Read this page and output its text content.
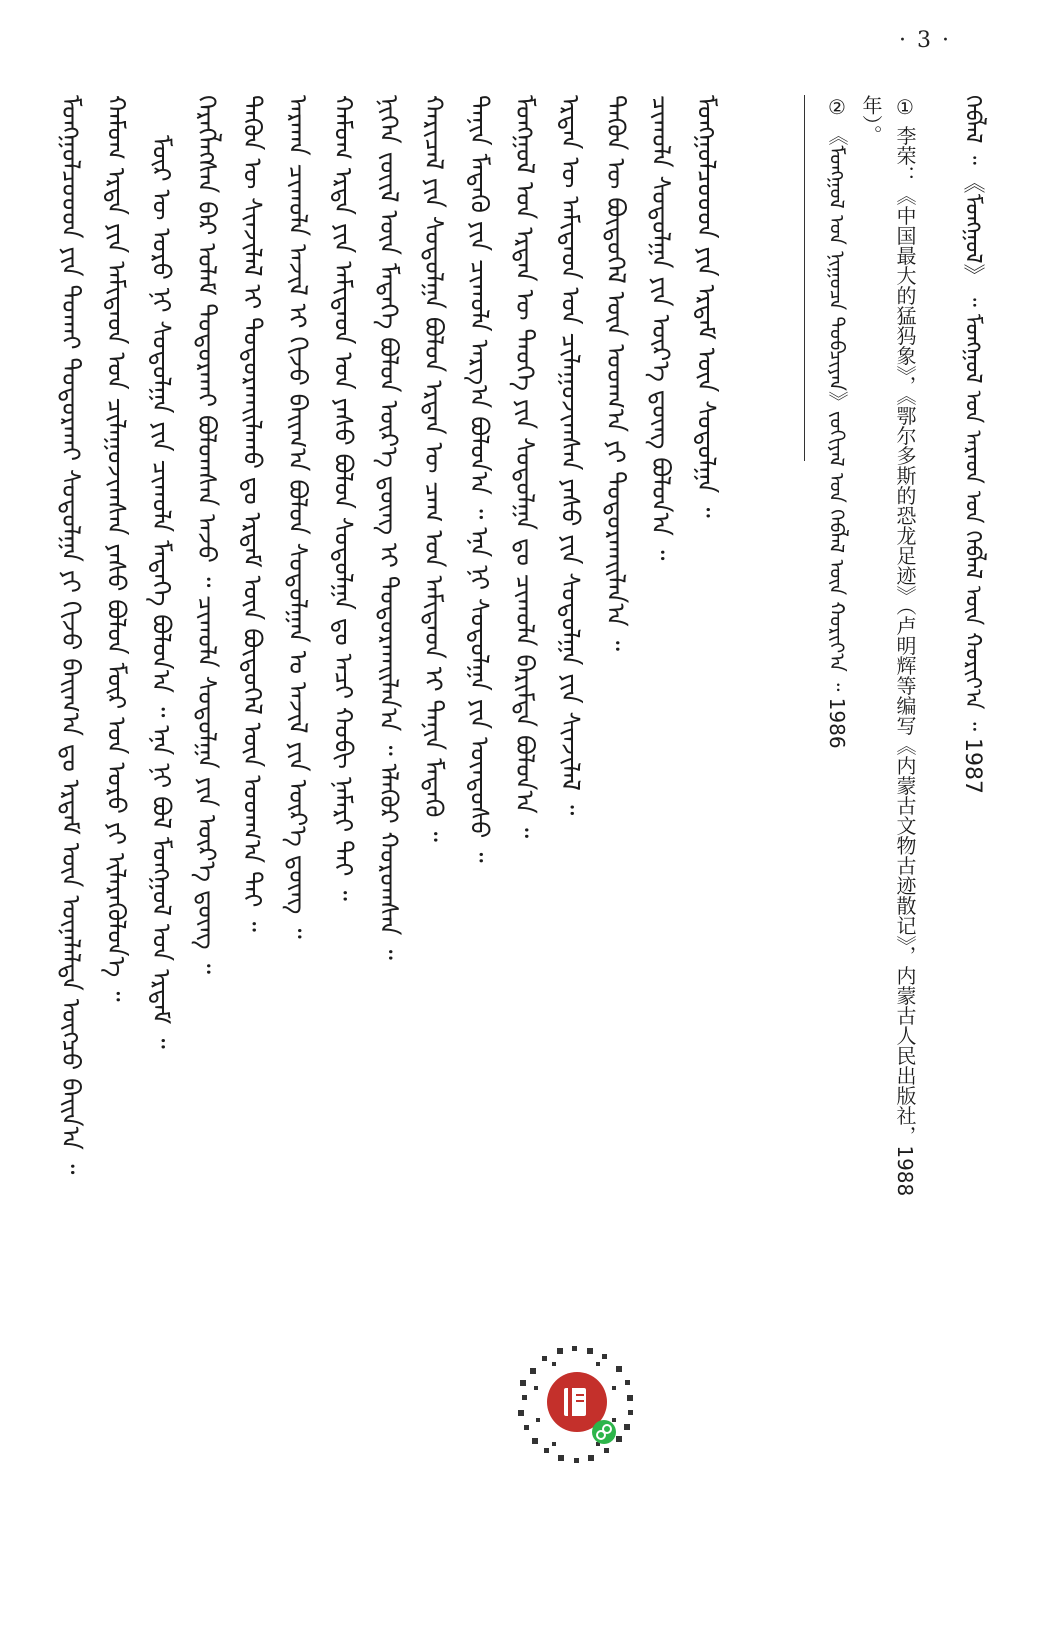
· 3 ·
ᠬᠡᠪᠯᠡᠯ ᠃ 《ᠮᠣᠩᠭᠣᠯ》 ᠃ ᠮᠣᠩᠭᠣᠯ ᠤᠨ ᠠᠷᠠᠳ ᠤᠨ ᠬᠡᠪᠯᠡᠯ ᠦᠨ ᠬᠣᠷᠢᠶ᠎ᠠ ᠃ 1987
② 《ᠮᠣᠩᠭᠣᠯ ᠤᠨ ᠨᠢᠭᠤᠴᠠ ᠲᠣᠪᠴᠢᠶᠠᠨ》ᠵᠣᠬᠢᠶᠠᠯ ᠤᠨ ᠬᠡᠪᠯᠡᠯ ᠦᠨ ᠬᠣᠷᠢᠶ᠎ᠠ ᠃ 1986
年）。 ① 李荣：《中国最大的猛犸象》，《鄂尔多斯的恐龙足迹》（卢明辉等编写《内蒙古文物古迹散记》，内蒙古人民出版社，1988
ᠮᠣᠩᠭᠣᠯᠴᠤᠤᠳ ᠶᠢᠨ ᠲᠤᠬᠠᠢ ᠲᠣᠳᠣᠷᠬᠠᠢ ᠰᠣᠳᠣᠯᠭᠠ ᠶᠢ ᠬᠢᠵᠦ ᠪᠠᠢᠭ᠎ᠠ ᠳᠤ ᠡᠷᠳᠡᠮ ᠦᠨ ᠦᠨᠡᠯᠡᠯᠲᠡ ᠥᠭᠴᠦ ᠪᠠᠢᠨ᠎ᠠ ᠃ ᠬᠠᠮᠤᠭ ᠡᠷᠲᠡ ᠶᠢᠨ ᠠᠮᠢᠲᠠᠳ ᠤᠨ ᠴᠢᠯᠠᠭᠤᠵᠢᠭᠰᠠᠨ ᠶᠠᠰᠤ ᠪᠣᠯᠣᠨ ᠮᠥᠷ ᠤᠨ ᠣᠷᠣ ᠶᠢ ᠢᠯᠡᠷᠡᠭᠦᠯᠦᠨ᠎ᠡ ᠃ ᠮᠥᠷ ᠦ ᠣᠷᠣ ᠨᠢ ᠰᠣᠳᠣᠯᠭᠠ ᠶᠢᠨ ᠴᠢᠬᠤᠯᠠ ᠮᠡᠳᠡᠭᠡ ᠪᠣᠯᠤᠨ᠎ᠠ ᠃ ᠡᠨᠡ ᠨᠢ ᠪᠣᠯ ᠮᠣᠩᠭᠣᠯ ᠤᠨ ᠡᠷᠳᠡᠮ ᠃ ᠬᠡᠷᠡᠭᠯᠡᠭᠰᠡᠨ ᠪᠠᠷ ᠤᠯᠠᠮ ᠲᠣᠳᠣᠷᠬᠠᠢ ᠪᠣᠯᠤᠭᠰᠠᠨ ᠠᠵᠤ ᠃ ᠴᠢᠬᠤᠯᠠ ᠰᠣᠳᠣᠯᠭᠠ ᠶᠢᠨ ᠦᠷ᠎ᠡ ᠳ᠋ᠦᠩ ᠃ ᠲᠡᠭᠦᠨ ᠦ ᠰᠢᠨᠵᠢᠯᠡᠯ ᠢ ᠲᠣᠳᠣᠷᠬᠠᠢᠯᠠᠬᠤ ᠳᠤ ᠡᠷᠳᠡᠮ ᠦᠨ ᠪᠦᠲᠦᠭᠡᠯ ᠦᠨ ᠤᠳᠬ᠎ᠠ ᠲᠠᠢ ᠃ ᠠᠷᠬᠠᠨ ᠴᠢᠬᠤᠯᠠ ᠠᠵᠢᠯ ᠢ ᠬᠢᠵᠦ ᠪᠠᠢᠭ᠎ᠠ ᠪᠣᠯᠤᠨ ᠰᠤᠳᠤᠯᠭᠠᠨ ᠤ ᠠᠵᠢᠯ ᠶᠢᠨ ᠦᠷ᠎ᠡ ᠳ᠋ᠦᠩ ᠃ ᠬᠠᠮᠤᠭ ᠡᠷᠲᠡ ᠶᠢᠨ ᠠᠮᠢᠲᠠᠳ ᠤᠨ ᠶᠠᠰᠤ ᠪᠣᠯᠣᠨ ᠰᠣᠳᠣᠯᠭᠠ ᠳᠤ ᠠᠴᠢ ᠬᠤᠪᠢ ᠨᠡᠮᠡᠷᠢ ᠲᠡᠢ ᠃ ᠨᠢᠭᠡᠨ ᠵᠦᠢᠯ ᠦᠨ ᠮᠡᠳᠡᠭᠡ ᠪᠣᠯᠤᠨ ᠦᠷ᠎ᠡ ᠳ᠋ᠦᠩ ᠢ ᠲᠣᠳᠣᠷᠬᠠᠢᠯᠠᠨ᠎ᠠ ᠃ ᠡᠯᠡᠭᠦᠷ ᠬᠣᠷᠣᠭᠰᠠᠨ ᠃ ᠬᠠᠷᠢᠴᠠᠯ ᠶᠢᠨ ᠰᠣᠳᠣᠯᠭᠠ ᠪᠣᠯᠣᠨ ᠡᠷᠲᠡᠨ ᠦ ᠴᠠᠭ ᠤᠨ ᠠᠮᠢᠲᠠᠳ ᠢ ᠲᠠᠨᠢᠨ ᠮᠡᠳᠡᠬᠦ ᠃ ᠲᠠᠨᠢᠨ ᠮᠡᠳᠡᠬᠦ ᠶᠢᠨ ᠴᠢᠬᠤᠯᠠ ᠠᠷᠭ᠎ᠠ ᠪᠣᠯᠤᠨ᠎ᠠ ᠃ ᠡᠨᠡ ᠨᠢ ᠰᠣᠳᠣᠯᠭᠠ ᠶᠢᠨ ᠦᠨᠳᠦᠰᠦ ᠃ ᠮᠣᠩᠭᠣᠯ ᠤᠨ ᠡᠷᠲᠡᠨ ᠦ ᠲᠡᠦᠬᠡ ᠶᠢᠨ ᠰᠣᠳᠣᠯᠭᠠ ᠳᠤ ᠴᠢᠬᠤᠯᠠ ᠪᠠᠷᠢᠮᠲᠠ ᠪᠣᠯᠤᠨ᠎ᠠ ᠃ ᠡᠷᠲᠡᠨ ᠦ ᠠᠮᠢᠲᠠᠳ ᠤᠨ ᠴᠢᠯᠠᠭᠤᠵᠢᠭᠰᠠᠨ ᠶᠠᠰᠤ ᠶᠢᠨ ᠰᠣᠳᠣᠯᠭᠠ ᠶᠢᠨ ᠰᠢᠨᠵᠢᠯᠡᠯ ᠃ ᠲᠡᠭᠦᠨ ᠦ ᠪᠦᠲᠦᠭᠡᠯ ᠦᠨ ᠤᠳᠬ᠎ᠠ ᠶᠢ ᠲᠣᠳᠣᠷᠬᠠᠢᠯᠠᠨ᠎ᠠ ᠃ ᠴᠢᠬᠤᠯᠠ ᠰᠣᠳᠣᠯᠭᠠ ᠶᠢᠨ ᠦᠷ᠎ᠡ ᠳ᠋ᠦᠩ ᠪᠣᠯᠤᠨ᠎ᠠ ᠃ ᠮᠣᠩᠭᠣᠯᠴᠤᠤᠳ ᠶᠢᠨ ᠡᠷᠳᠡᠮ ᠦᠨ ᠰᠣᠳᠣᠯᠭᠠ ᠃
